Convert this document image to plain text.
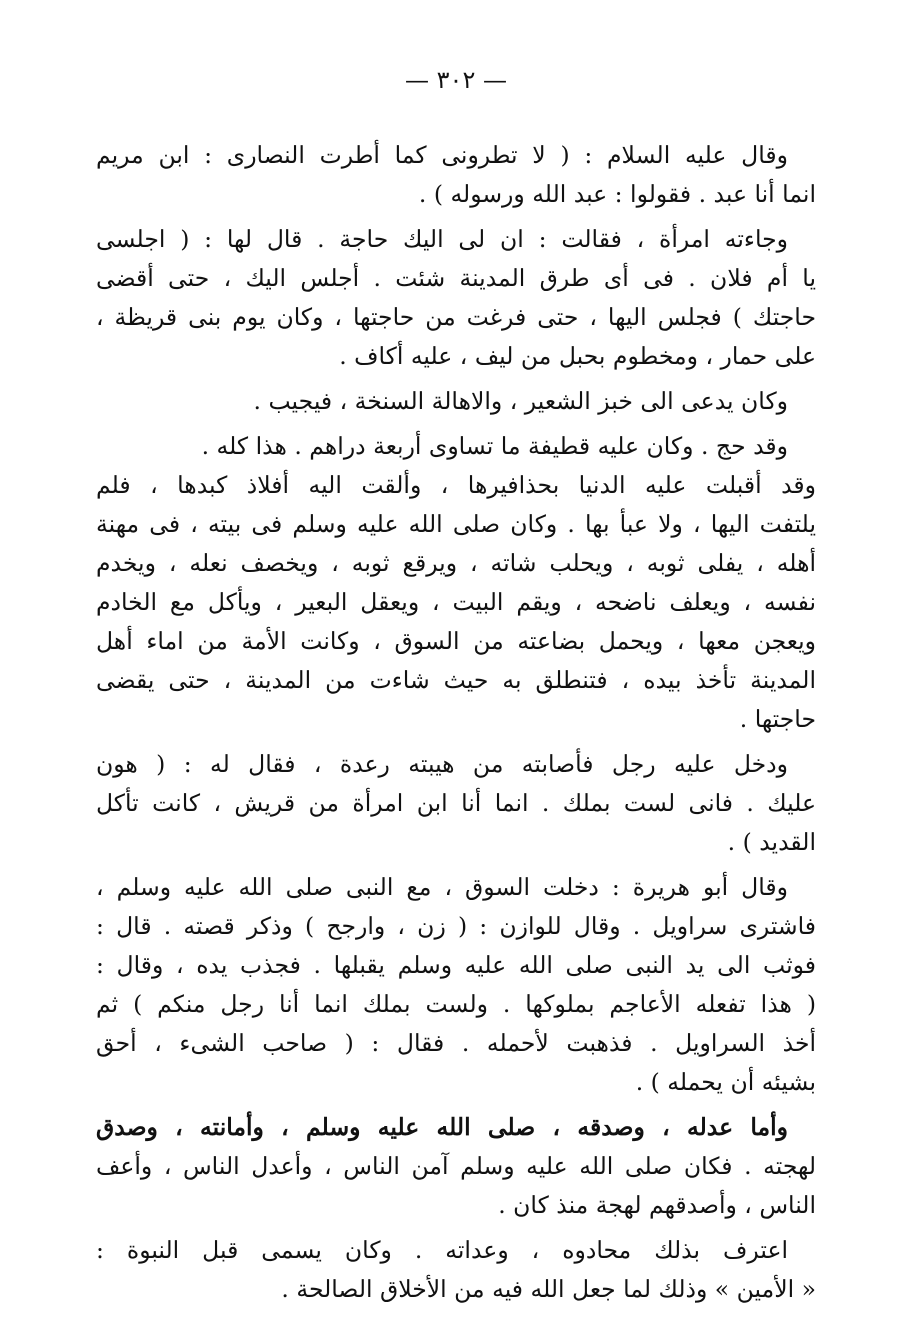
— ٣٠٢ —
وقال عليه السلام : ( لا تطرونى كما أطرت النصارى : ابن مريم
انما أنا عبد . فقولوا : عبد الله ورسوله ) .
وجاءته امرأة ، فقالت : ان لى اليك حاجة . قال لها : ( اجلسى
يا أم فلان . فى أى طرق المدينة شئت . أجلس اليك ، حتى أقضى
حاجتك ) فجلس اليها ، حتى فرغت من حاجتها ، وكان يوم بنى قريظة ،
على حمار ، ومخطوم بحبل من ليف ، عليه أكاف .
وكان يدعى الى خبز الشعير ، والاهالة السنخة ، فيجيب .
وقد حج . وكان عليه قطيفة ما تساوى أربعة دراهم . هذا كله .
وقد أقبلت عليه الدنيا بحذافيرها ، وألقت اليه أفلاذ كبدها ، فلم
يلتفت اليها ، ولا عبأ بها . وكان صلى الله عليه وسلم فى بيته ، فى مهنة
أهله ، يفلى ثوبه ، ويحلب شاته ، ويرقع ثوبه ، ويخصف نعله ، ويخدم
نفسه ، ويعلف ناضحه ، ويقم البيت ، ويعقل البعير ، ويأكل مع الخادم
ويعجن معها ، ويحمل بضاعته من السوق ، وكانت الأمة من اماء أهل
المدينة تأخذ بيده ، فتنطلق به حيث شاءت من المدينة ، حتى يقضى
حاجتها .
ودخل عليه رجل فأصابته من هيبته رعدة ، فقال له : ( هون
عليك . فانى لست بملك . انما أنا ابن امرأة من قريش ، كانت تأكل
القديد ) .
وقال أبو هريرة : دخلت السوق ، مع النبى صلى الله عليه وسلم ،
فاشترى سراويل . وقال للوازن : ( زن ، وارجح ) وذكر قصته . قال :
فوثب الى يد النبى صلى الله عليه وسلم يقبلها . فجذب يده ، وقال :
( هذا تفعله الأعاجم بملوكها . ولست بملك انما أنا رجل منكم ) ثم
أخذ السراويل . فذهبت لأحمله . فقال : ( صاحب الشىء ، أحق
بشيئه أن يحمله ) .
وأما عدله ، وصدقه ، صلى الله عليه وسلم ، وأمانته ، وصدق
لهجته . فكان صلى الله عليه وسلم آمن الناس ، وأعدل الناس ، وأعف
الناس ، وأصدقهم لهجة منذ كان .
اعترف بذلك محادوه ، وعداته . وكان يسمى قبل النبوة :
« الأمين » وذلك لما جعل الله فيه من الأخلاق الصالحة .
